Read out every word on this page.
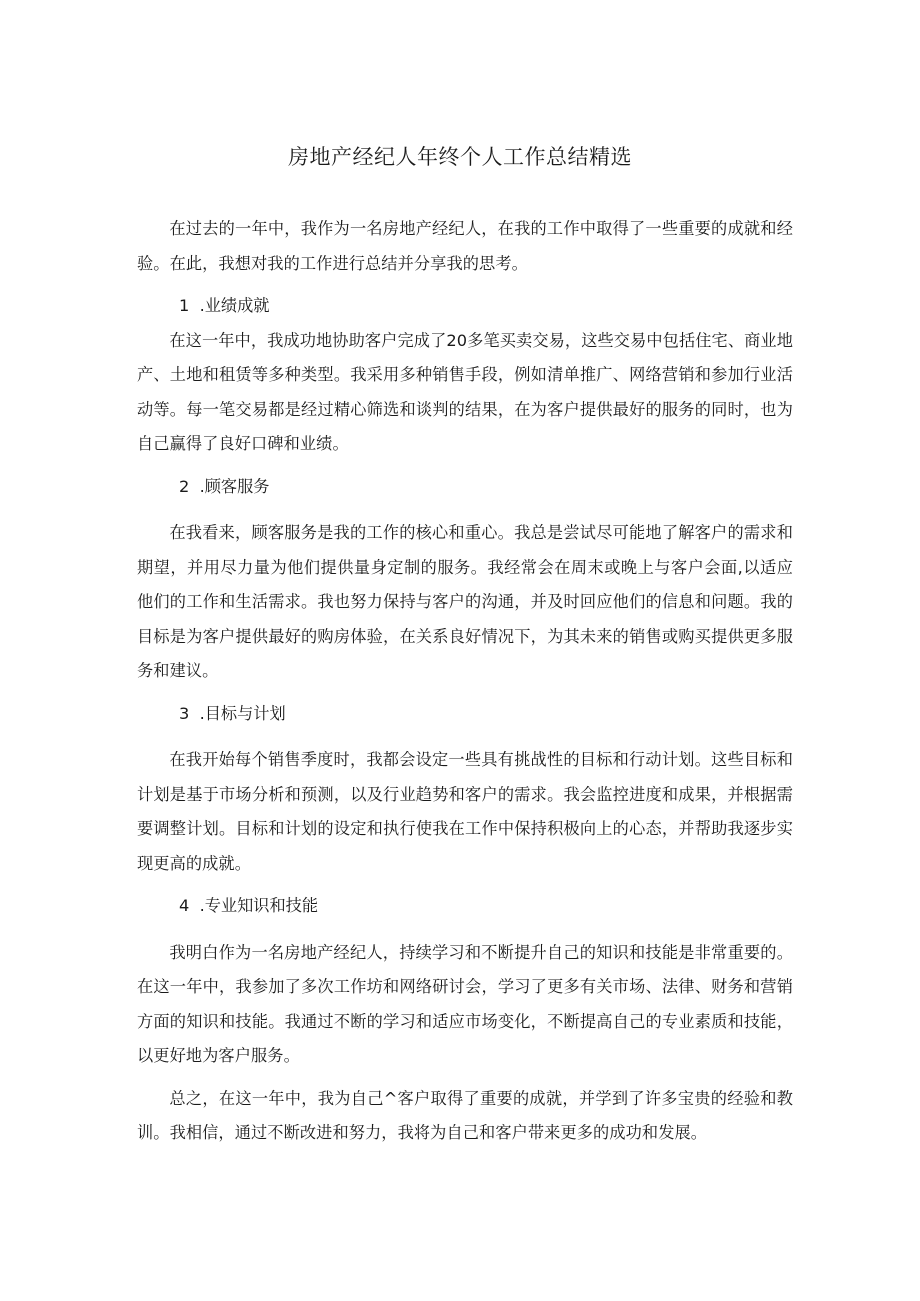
房地产经纪人年终个人工作总结精选

在过去的一年中，我作为一名房地产经纪人，在我的工作中取得了一些重要的成就和经验。在此，我想对我的工作进行总结并分享我的思考。

1  .业绩成就

在这一年中，我成功地协助客户完成了20多笔买卖交易，这些交易中包括住宅、商业地产、土地和租赁等多种类型。我采用多种销售手段，例如清单推广、网络营销和参加行业活动等。每一笔交易都是经过精心筛选和谈判的结果，在为客户提供最好的服务的同时，也为自己赢得了良好口碑和业绩。

2  .顾客服务

在我看来，顾客服务是我的工作的核心和重心。我总是尝试尽可能地了解客户的需求和期望，并用尽力量为他们提供量身定制的服务。我经常会在周末或晚上与客户会面,以适应他们的工作和生活需求。我也努力保持与客户的沟通，并及时回应他们的信息和问题。我的目标是为客户提供最好的购房体验，在关系良好情况下，为其未来的销售或购买提供更多服务和建议。

3  .目标与计划

在我开始每个销售季度时，我都会设定一些具有挑战性的目标和行动计划。这些目标和计划是基于市场分析和预测，以及行业趋势和客户的需求。我会监控进度和成果，并根据需要调整计划。目标和计划的设定和执行使我在工作中保持积极向上的心态，并帮助我逐步实现更高的成就。

4  .专业知识和技能

我明白作为一名房地产经纪人，持续学习和不断提升自己的知识和技能是非常重要的。在这一年中，我参加了多次工作坊和网络研讨会，学习了更多有关市场、法律、财务和营销方面的知识和技能。我通过不断的学习和适应市场变化，不断提高自己的专业素质和技能，以更好地为客户服务。

总之，在这一年中，我为自己^客户取得了重要的成就，并学到了许多宝贵的经验和教训。我相信，通过不断改进和努力，我将为自己和客户带来更多的成功和发展。
